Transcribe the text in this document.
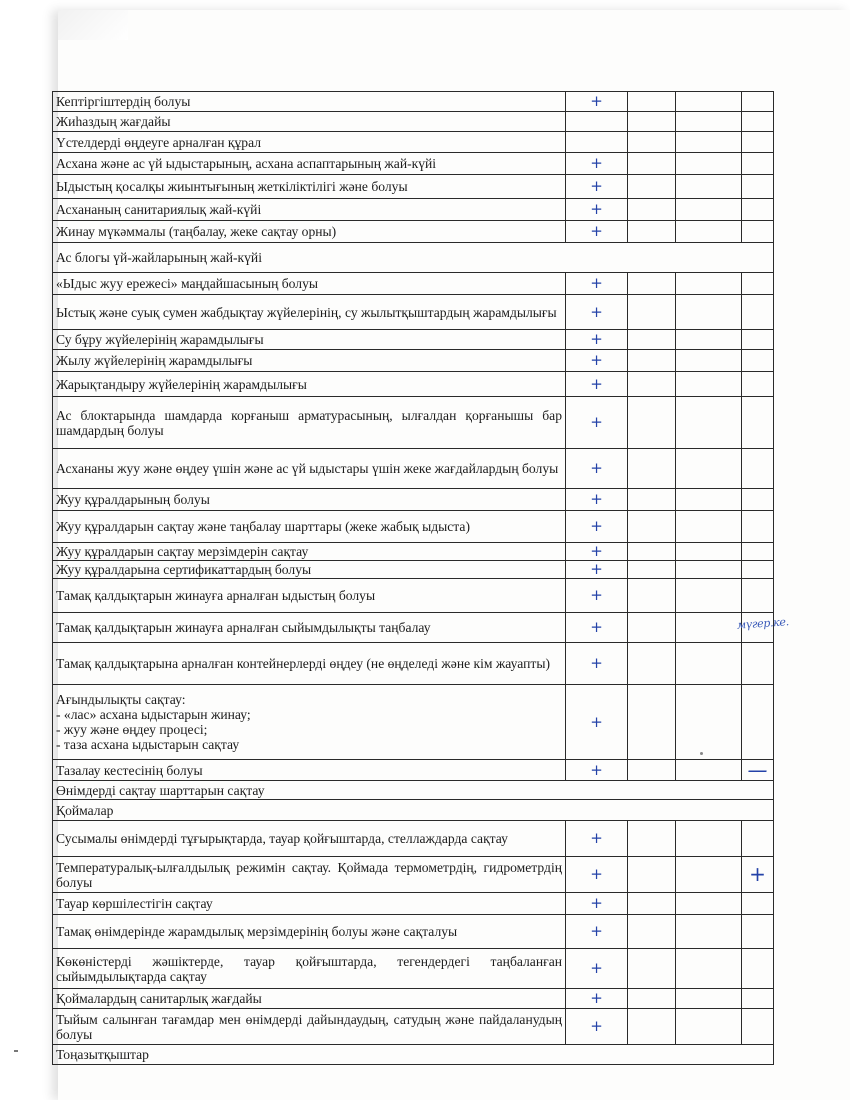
Кептіргіштердің болуы	+			
Жиһаздың жағдайы				
Үстелдерді өңдеуге арналған құрал				
Асхана және ас үй ыдыстарының, асхана аспаптарының жай-күйі	+			
Ыдыстың қосалқы жиынтығының жеткіліктілігі және болуы	+			
Асхананың санитариялық жай-күйі	+			
Жинау мүкәммалы (таңбалау, жеке сақтау орны)	+			
Ас блогы үй-жайларының жай-күйі				
«Ыдыс жуу ережесі» маңдайшасының болуы	+			
Ыстық және суық сумен жабдықтау жүйелерінің, су жылытқыштардың жарамдылығы	+			
Су бұру жүйелерінің жарамдылығы	+			
Жылу жүйелерінің жарамдылығы	+			
Жарықтандыру жүйелерінің жарамдылығы	+			
Ас блоктарында шамдарда корғаныш арматурасының, ылғалдан қорғанышы бар шамдардың болуы	+			
Асхананы жуу және өңдеу үшін және ас үй ыдыстары үшін жеке жағдайлардың болуы	+			
Жуу құралдарының болуы	+			
Жуу құралдарын сақтау және таңбалау шарттары (жеке жабық ыдыста)	+			
Жуу құралдарын сақтау мерзімдерін сақтау	+			
Жуу құралдарына сертификаттардың болуы	+			
Тамақ қалдықтарын жинауға арналған ыдыстың болуы	+			
Тамақ қалдықтарын жинауға арналған сыйымдылықты таңбалау	+			
Тамақ қалдықтарына арналған контейнерлерді өңдеу (не өңделеді және кім жауапты)	+			

Ағындылықты сақтау:
- «лас» асхана ыдыстарын жинау;
- жуу және өңдеу процесі;
- таза асхана ыдыстарын сақтау	+			
Тазалау кестесінің болуы	+			—
Өнімдерді сақтау шарттарын сақтау				
Қоймалар				
Сусымалы өнімдерді тұғырықтарда, тауар қойғыштарда, стеллаждарда сақтау	+			
Температуралық-ылғалдылық режимін сақтау. Қоймада термометрдің, гидрометрдің болуы	+			+
Тауар көршілестігін сақтау	+			
Тамақ өнімдерінде жарамдылық мерзімдерінің болуы және сақталуы	+			
Көкөністерді жәшіктерде, тауар қойғыштарда, тегендердегі таңбаланған сыйымдылықтарда сақтау	+			
Қоймалардың санитарлық жағдайы	+			
Тыйым салынған тағамдар мен өнімдерді дайындаудың, сатудың және пайдаланудың болуы	+			
Тоңазытқыштар				
мүгер.ке.
